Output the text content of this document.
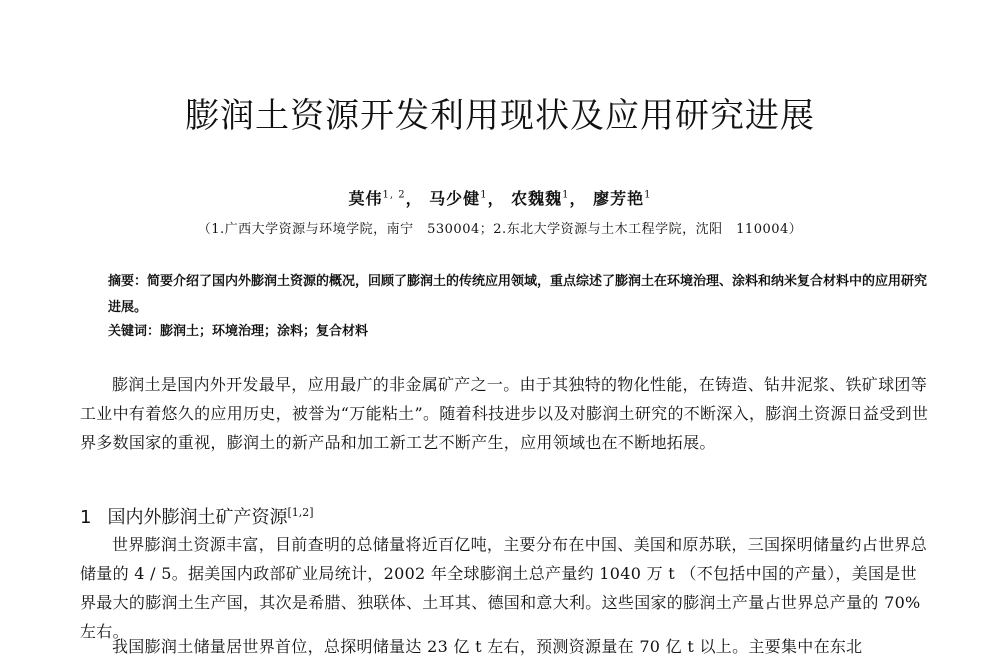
膨润土资源开发利用现状及应用研究进展
莫伟$^{1, 2}$， 马少健$^1$， 农魏魏$^1$， 廖芳艳$^1$
（1.广西大学资源与环境学院，南宁　530004；2.东北大学资源与土木工程学院，沈阳　110004）
摘要：简要介绍了国内外膨润土资源的概况，回顾了膨润土的传统应用领域，重点综述了膨润土在环境治理、涂料和纳米复合材料中的应用研究进展。
关键词：膨润土；环境治理；涂料；复合材料

膨润土是国内外开发最早，应用最广的非金属矿产之一。由于其独特的物化性能，在铸造、钻井泥浆、铁矿球团等工业中有着悠久的应用历史，被誉为“万能粘土”。随着科技进步以及对膨润土研究的不断深入，膨润土资源日益受到世界多数国家的重视，膨润土的新产品和加工新工艺不断产生，应用领域也在不断地拓展。

1 国内外膨润土矿产资源[1,2]

世界膨润土资源丰富，目前查明的总储量将近百亿吨，主要分布在中国、美国和原苏联，三国探明储量约占世界总储量的 4 / 5。据美国内政部矿业局统计，2002 年全球膨润土总产量约 1040 万 t （不包括中国的产量），美国是世界最大的膨润土生产国，其次是希腊、独联体、土耳其、德国和意大利。这些国家的膨润土产量占世界总产量的 70%左右。

我国膨润土储量居世界首位，总探明储量达 23 亿 t 左右，预测资源量在 70 亿 t 以上。主要集中在东北
